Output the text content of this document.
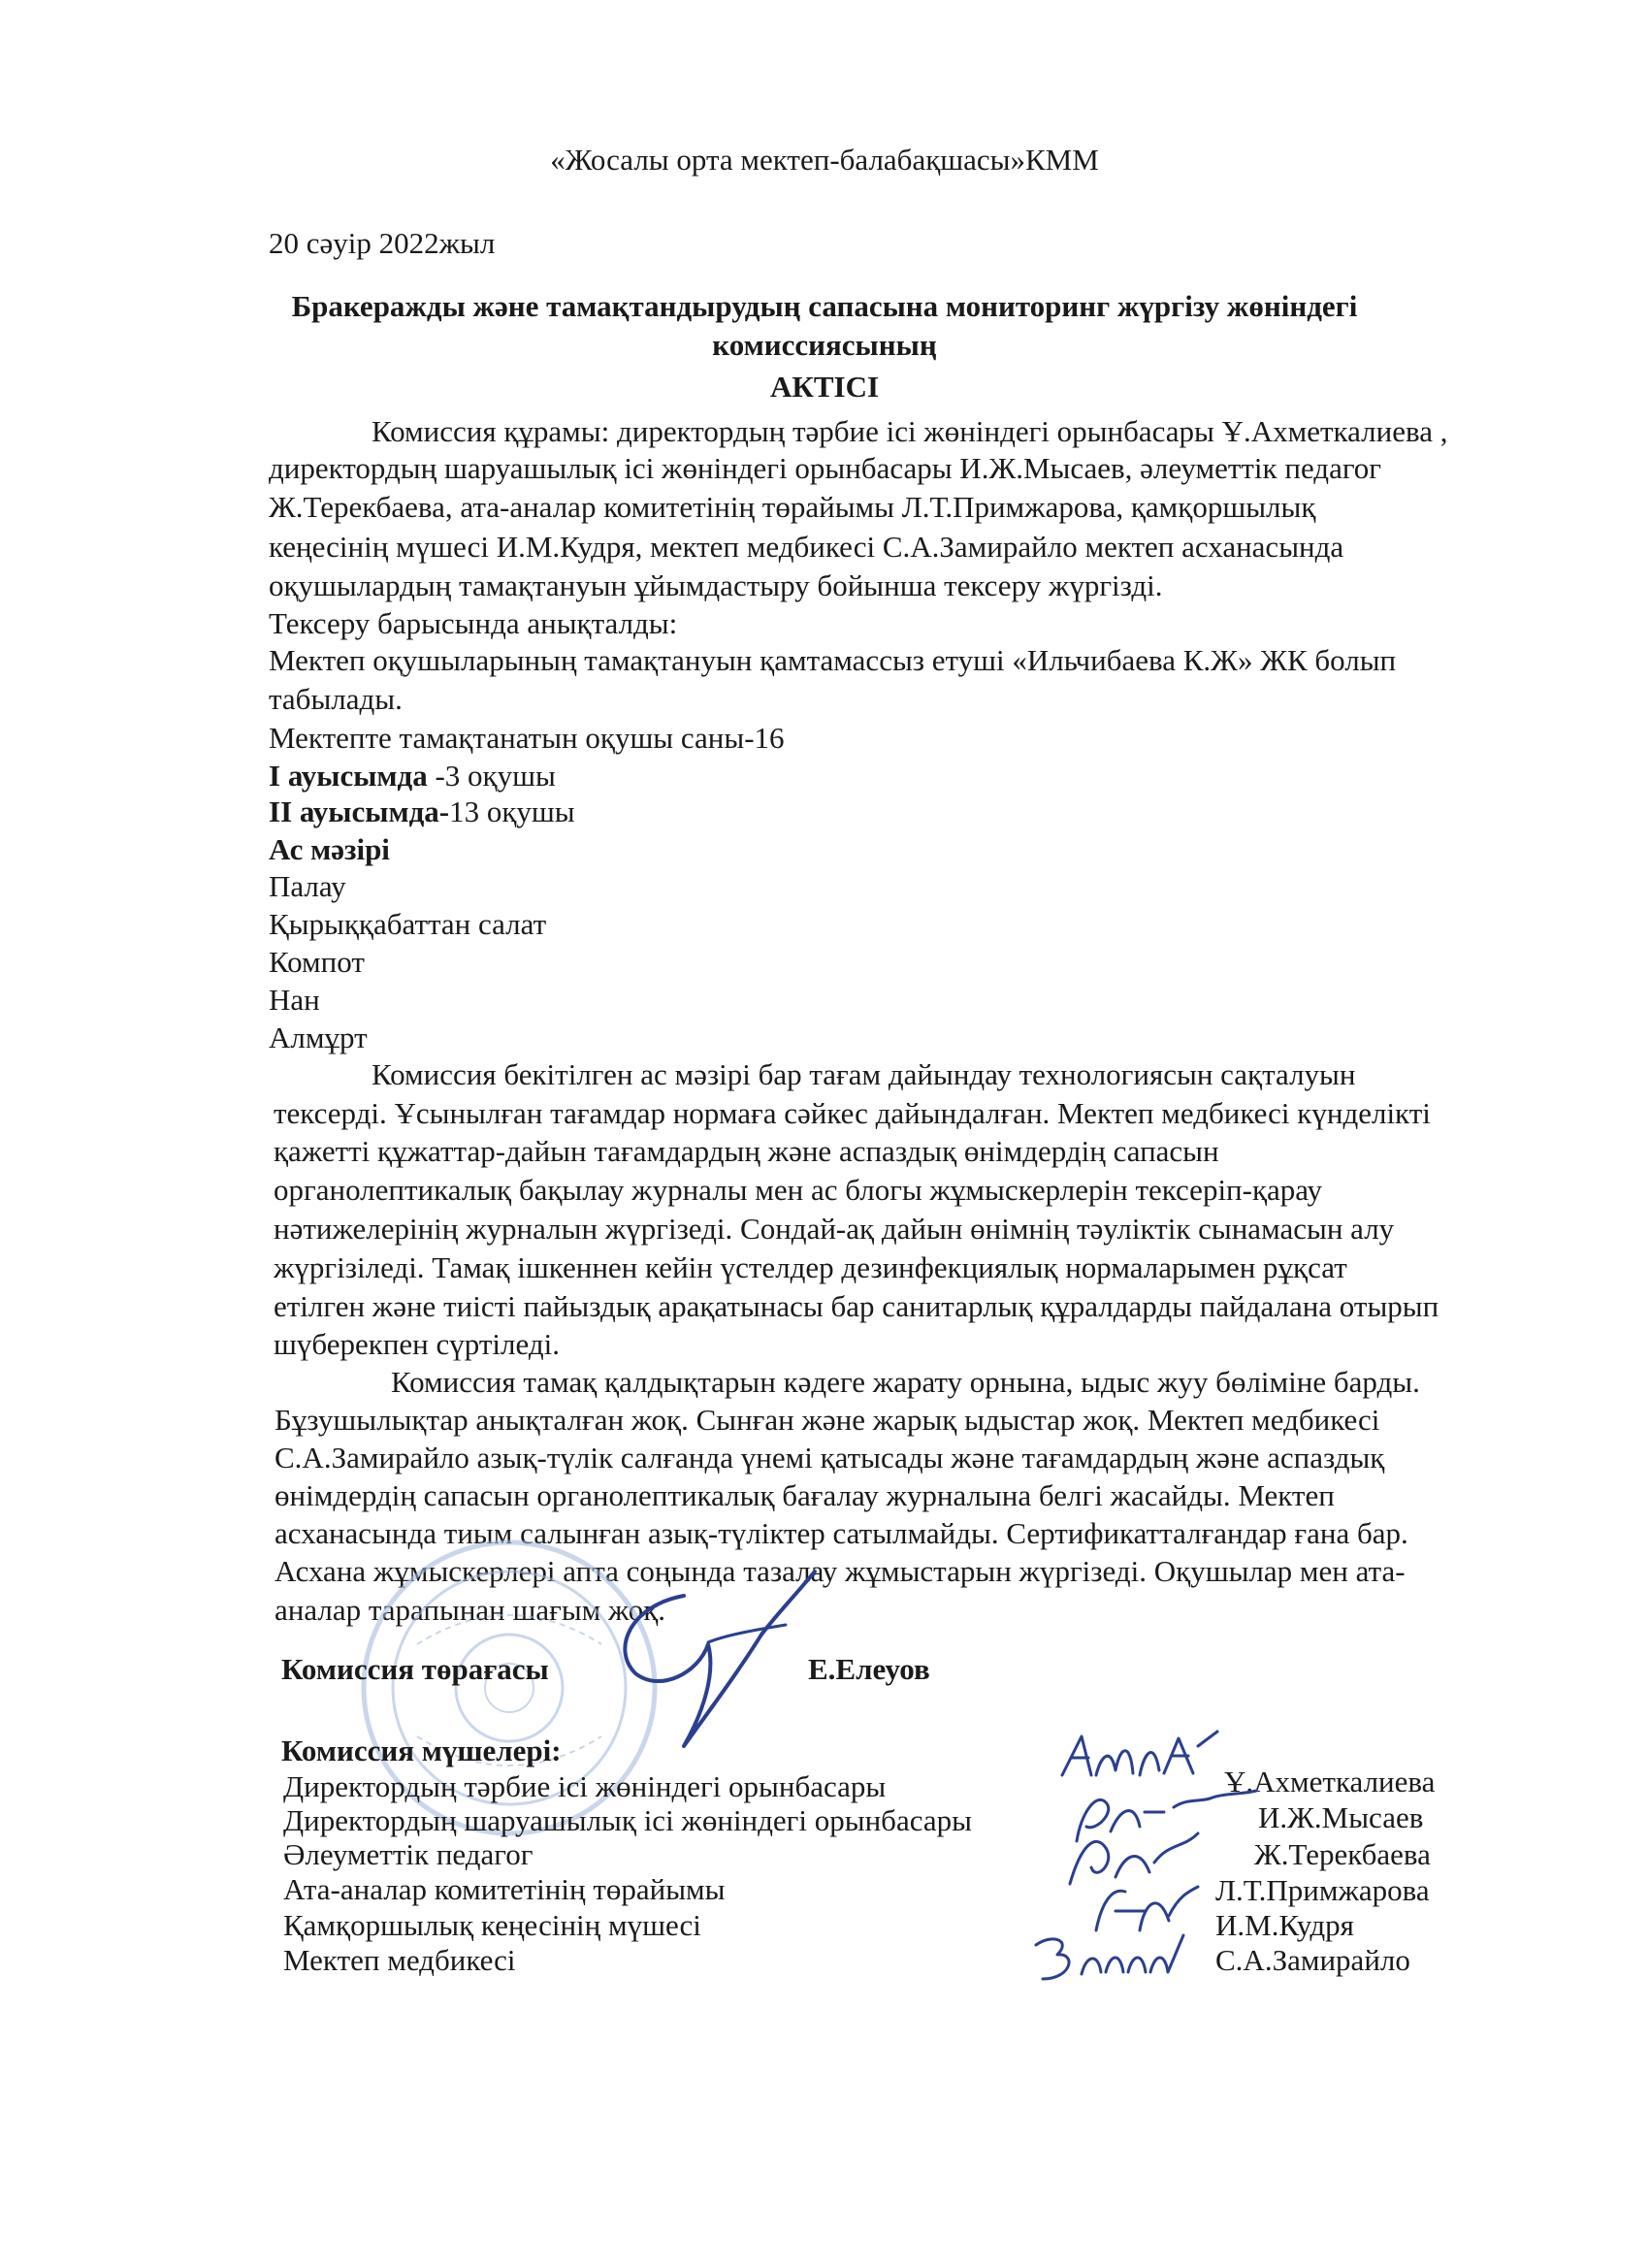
«Жосалы орта мектеп-балабақшасы»КММ
20 сәуір 2022жыл
Бракеражды және тамақтандырудың сапасына мониторинг жүргізу жөніндегі
комиссиясының
АКТІСІ
Комиссия құрамы: директордың тәрбие ісі жөніндегі орынбасары Ұ.Ахметкалиева ,
директордың шаруашылық ісі жөніндегі орынбасары И.Ж.Мысаев, әлеуметтік педагог
Ж.Терекбаева, ата-аналар комитетінің төрайымы Л.Т.Примжарова, қамқоршылық
кеңесінің мүшесі И.М.Кудря, мектеп медбикесі С.А.Замирайло мектеп асханасында
оқушылардың тамақтануын ұйымдастыру бойынша тексеру жүргізді.
Тексеру барысында анықталды:
Мектеп оқушыларының тамақтануын қамтамассыз етуші «Ильчибаева К.Ж» ЖК болып
табылады.
Мектепте тамақтанатын оқушы саны-16
І ауысымда -3 оқушы
ІІ ауысымда-13 оқушы
Ас мәзірі
Палау
Қырыққабаттан салат
Компот
Нан
Алмұрт
Комиссия бекітілген ас мәзірі бар тағам дайындау технологиясын сақталуын
тексерді. Ұсынылған тағамдар нормаға сәйкес дайындалған. Мектеп медбикесі күнделікті
қажетті құжаттар-дайын тағамдардың және аспаздық өнімдердің сапасын
органолептикалық бақылау журналы мен ас блогы жұмыскерлерін тексеріп-қарау
нәтижелерінің журналын жүргізеді. Сондай-ақ дайын өнімнің тәуліктік сынамасын алу
жүргізіледі. Тамақ ішкеннен кейін үстелдер дезинфекциялық нормаларымен рұқсат
етілген және тиісті пайыздық арақатынасы бар санитарлық құралдарды пайдалана отырып
шүберекпен сүртіледі.
Комиссия тамақ қалдықтарын кәдеге жарату орнына, ыдыс жуу бөліміне барды.
Бұзушылықтар анықталған жоқ. Сынған және жарық ыдыстар жоқ. Мектеп медбикесі
С.А.Замирайло азық-түлік салғанда үнемі қатысады және тағамдардың және аспаздық
өнімдердің сапасын органолептикалық бағалау журналына белгі жасайды. Мектеп
асханасында тиым салынған азық-түліктер сатылмайды. Сертификатталғандар ғана бар.
Асхана жұмыскерлері апта соңында тазалау жұмыстарын жүргізеді. Оқушылар мен ата-
аналар тарапынан шағым жоқ.
Комиссия төрағасы	Е.Елеуов
Комиссия мүшелері:
Директордың тәрбие ісі жөніндегі орынбасары	Ұ.Ахметкалиева
Директордың шаруашылық ісі жөніндегі орынбасары	И.Ж.Мысаев
Әлеуметтік педагог	Ж.Терекбаева
Ата-аналар комитетінің төрайымы	Л.Т.Примжарова
Қамқоршылық кеңесінің мүшесі	И.М.Кудря
Мектеп медбикесі	С.А.Замирайло
